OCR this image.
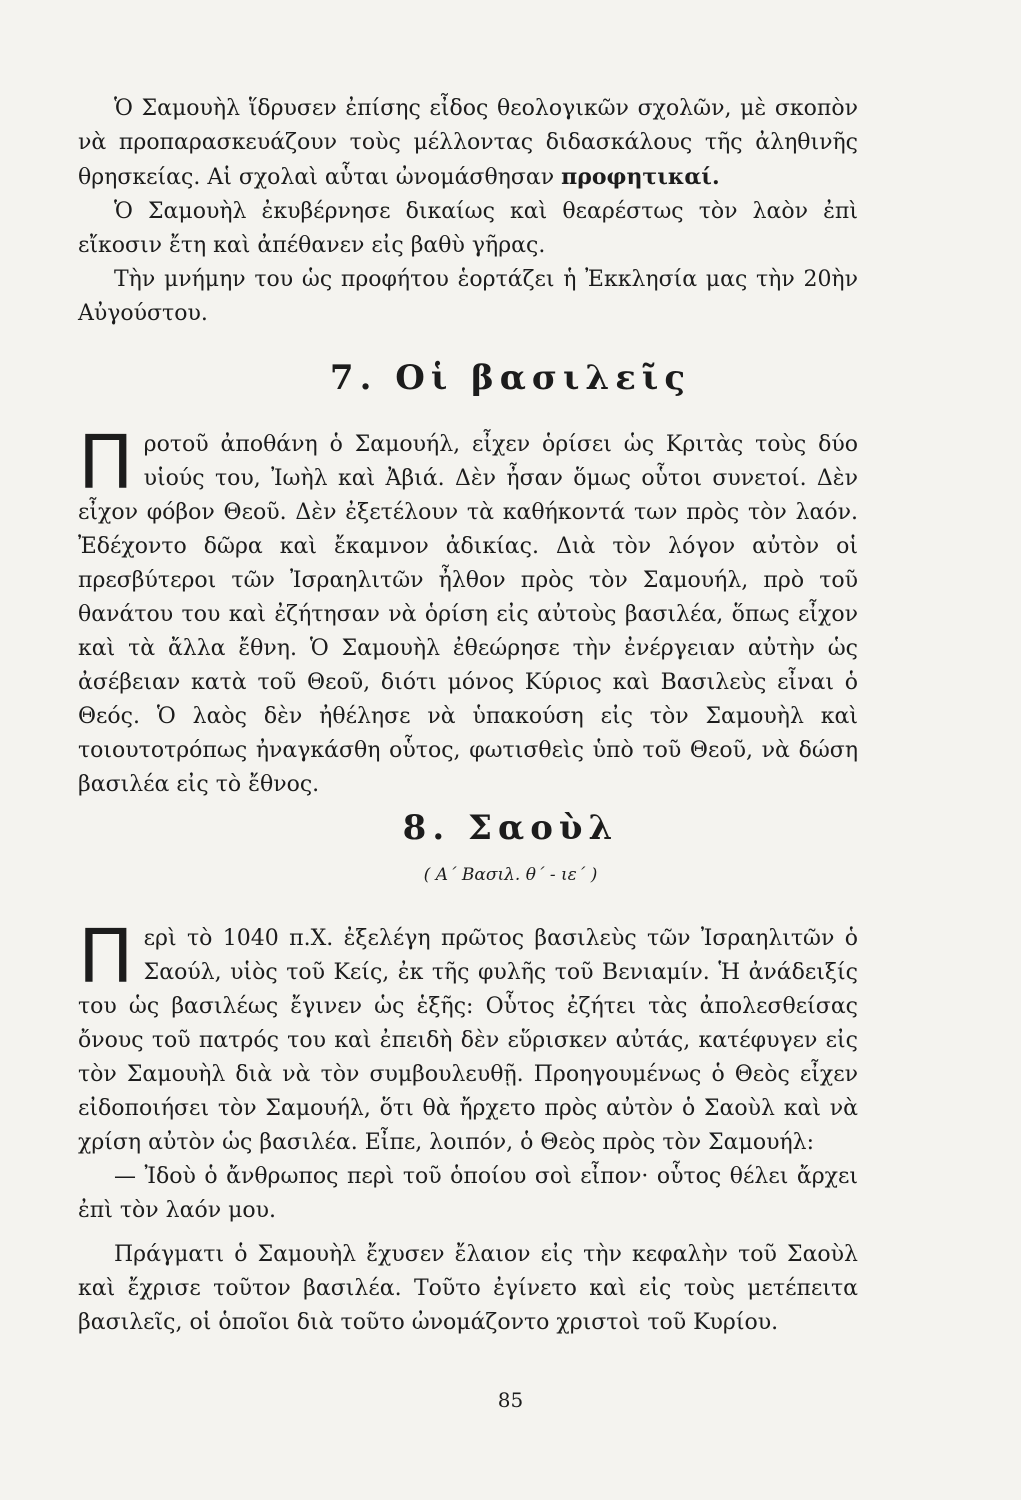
Ὁ Σαμουὴλ ἵδρυσεν ἐπίσης εἶδος θεολογικῶν σχολῶν, μὲ σκοπὸν νὰ προπαρασκευάζουν τοὺς μέλλοντας διδασκάλους τῆς ἀληθινῆς θρησκείας. Αἱ σχολαὶ αὗται ὠνομάσθησαν προφητικαί.

Ὁ Σαμουὴλ ἐκυβέρνησε δικαίως καὶ θεαρέστως τὸν λαὸν ἐπὶ εἴκοσιν ἔτη καὶ ἀπέθανεν εἰς βαθὺ γῆρας.

Τὴν μνήμην του ὡς προφήτου ἑορτάζει ἡ Ἐκκλησία μας τὴν 20ὴν Αὐγούστου.

7. Οἱ βασιλεῖς

Προτοῦ ἀποθάνη ὁ Σαμουήλ, εἶχεν ὁρίσει ὡς Κριτὰς τοὺς δύο υἱούς του, Ἰωὴλ καὶ Ἀβιά. Δὲν ἦσαν ὅμως οὗτοι συνετοί. Δὲν εἶχον φόβον Θεοῦ. Δὲν ἐξετέλουν τὰ καθήκοντά των πρὸς τὸν λαόν. Ἐδέχοντο δῶρα καὶ ἔκαμνον ἀδικίας. Διὰ τὸν λόγον αὐτὸν οἱ πρεσβύτεροι τῶν Ἰσραηλιτῶν ἦλθον πρὸς τὸν Σαμουήλ, πρὸ τοῦ θανάτου του καὶ ἐζήτησαν νὰ ὁρίση εἰς αὐτοὺς βασιλέα, ὅπως εἶχον καὶ τὰ ἄλλα ἔθνη. Ὁ Σαμουὴλ ἐθεώρησε τὴν ἐνέργειαν αὐτὴν ὡς ἀσέβειαν κατὰ τοῦ Θεοῦ, διότι μόνος Κύριος καὶ Βασιλεὺς εἶναι ὁ Θεός. Ὁ λαὸς δὲν ἠθέλησε νὰ ὑπακούση εἰς τὸν Σαμουὴλ καὶ τοιουτοτρόπως ἠναγκάσθη οὗτος, φωτισθεὶς ὑπὸ τοῦ Θεοῦ, νὰ δώση βασιλέα εἰς τὸ ἔθνος.

8. Σαοὺλ

( Α΄ Βασιλ. θ΄ - ιε΄ )

Περὶ τὸ 1040 π.Χ. ἐξελέγη πρῶτος βασιλεὺς τῶν Ἰσραηλιτῶν ὁ Σαούλ, υἱὸς τοῦ Κείς, ἐκ τῆς φυλῆς τοῦ Βενιαμίν. Ἡ ἀνάδειξίς του ὡς βασιλέως ἔγινεν ὡς ἑξῆς: Οὗτος ἐζήτει τὰς ἀπολεσθείσας ὄνους τοῦ πατρός του καὶ ἐπειδὴ δὲν εὕρισκεν αὐτάς, κατέφυγεν εἰς τὸν Σαμουὴλ διὰ νὰ τὸν συμβουλευθῇ. Προηγουμένως ὁ Θεὸς εἶχεν εἰδοποιήσει τὸν Σαμουήλ, ὅτι θὰ ἤρχετο πρὸς αὐτὸν ὁ Σαοὺλ καὶ νὰ χρίση αὐτὸν ὡς βασιλέα. Εἶπε, λοιπόν, ὁ Θεὸς πρὸς τὸν Σαμουήλ:

— Ἰδοὺ ὁ ἄνθρωπος περὶ τοῦ ὁποίου σοὶ εἶπον· οὗτος θέλει ἄρχει ἐπὶ τὸν λαόν μου.

Πράγματι ὁ Σαμουὴλ ἔχυσεν ἔλαιον εἰς τὴν κεφαλὴν τοῦ Σαοὺλ καὶ ἔχρισε τοῦτον βασιλέα. Τοῦτο ἐγίνετο καὶ εἰς τοὺς μετέπειτα βασιλεῖς, οἱ ὁποῖοι διὰ τοῦτο ὠνομάζοντο χριστοὶ τοῦ Κυρίου.

85
